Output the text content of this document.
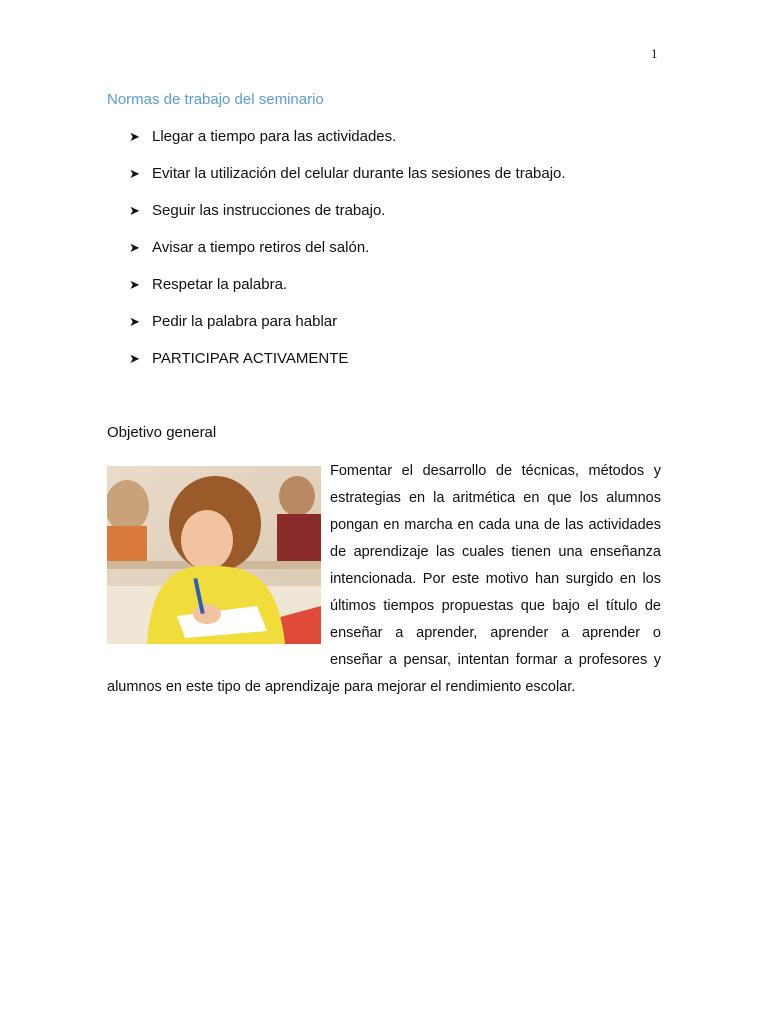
1
Normas de trabajo del seminario
➤ Llegar a tiempo para las actividades.
➤ Evitar la utilización del celular durante las sesiones de trabajo.
➤ Seguir las instrucciones de trabajo.
➤ Avisar a tiempo retiros del salón.
➤ Respetar la palabra.
➤ Pedir la palabra para hablar
➤ PARTICIPAR ACTIVAMENTE
Objetivo general
Fomentar el desarrollo de técnicas, métodos y estrategias en la aritmética en que los alumnos pongan en marcha en cada una de las actividades de aprendizaje las cuales tienen una enseñanza intencionada. Por este motivo han surgido en los últimos tiempos propuestas que bajo el título de enseñar a aprender, aprender a aprender o enseñar a pensar, intentan formar a profesores y alumnos en este tipo de aprendizaje para mejorar el rendimiento escolar.
